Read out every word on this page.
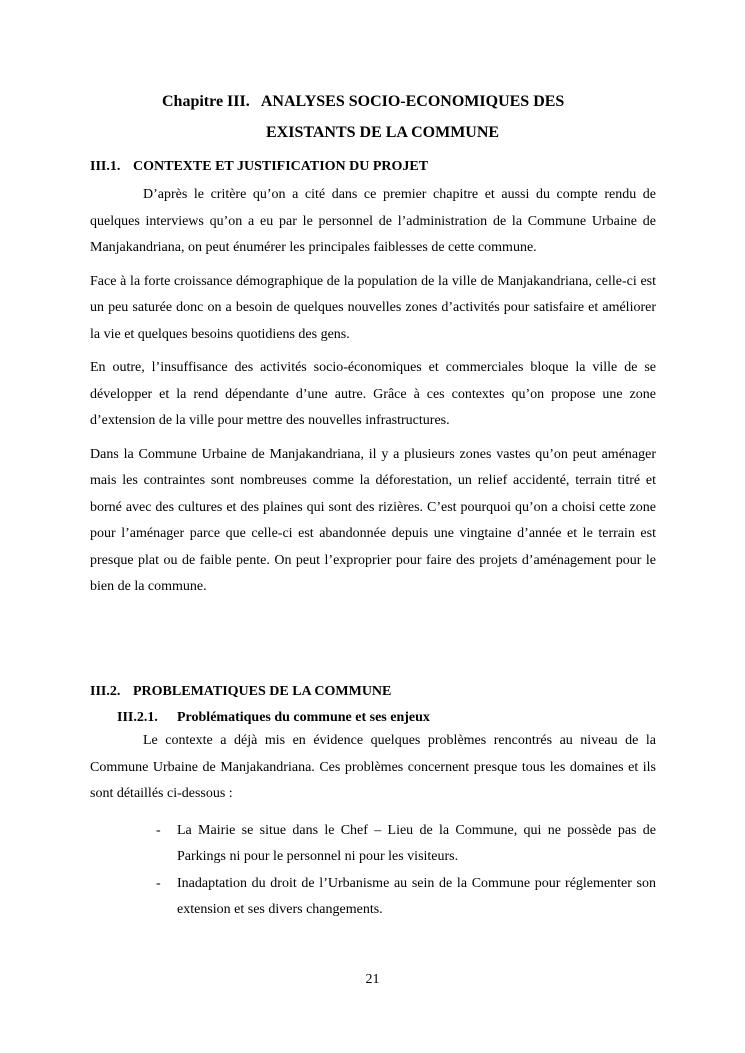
Chapitre III. ANALYSES SOCIO-ECONOMIQUES DES
EXISTANTS DE LA COMMUNE
III.1. CONTEXTE ET JUSTIFICATION DU PROJET

D’après le critère qu’on a cité dans ce premier chapitre et aussi du compte rendu de quelques interviews qu’on a eu par le personnel de l’administration de la Commune Urbaine de Manjakandriana, on peut énumérer les principales faiblesses de cette commune.

Face à la forte croissance démographique de la population de la ville de Manjakandriana, celle-ci est un peu saturée donc on a besoin de quelques nouvelles zones d’activités pour satisfaire et améliorer la vie et quelques besoins quotidiens des gens.

En outre, l’insuffisance des activités socio-économiques et commerciales bloque la ville de se développer et la rend dépendante d’une autre. Grâce à ces contextes qu’on propose une zone d’extension de la ville pour mettre des nouvelles infrastructures.

Dans la Commune Urbaine de Manjakandriana, il y a plusieurs zones vastes qu’on peut aménager mais les contraintes sont nombreuses comme la déforestation, un relief accidenté, terrain titré et borné avec des cultures et des plaines qui sont des rizières. C’est pourquoi qu’on a choisi cette zone pour l’aménager parce que celle-ci est abandonnée depuis une vingtaine d’année et le terrain est presque plat ou de faible pente. On peut l’exproprier pour faire des projets d’aménagement pour le bien de la commune.

III.2. PROBLEMATIQUES DE LA COMMUNE
III.2.1. Problématiques du commune et ses enjeux

Le contexte a déjà mis en évidence quelques problèmes rencontrés au niveau de la Commune Urbaine de Manjakandriana. Ces problèmes concernent presque tous les domaines et ils sont détaillés ci-dessous :

- La Mairie se situe dans le Chef – Lieu de la Commune, qui ne possède pas de Parkings ni pour le personnel ni pour les visiteurs.
- Inadaptation du droit de l’Urbanisme au sein de la Commune pour réglementer son extension et ses divers changements.
21
